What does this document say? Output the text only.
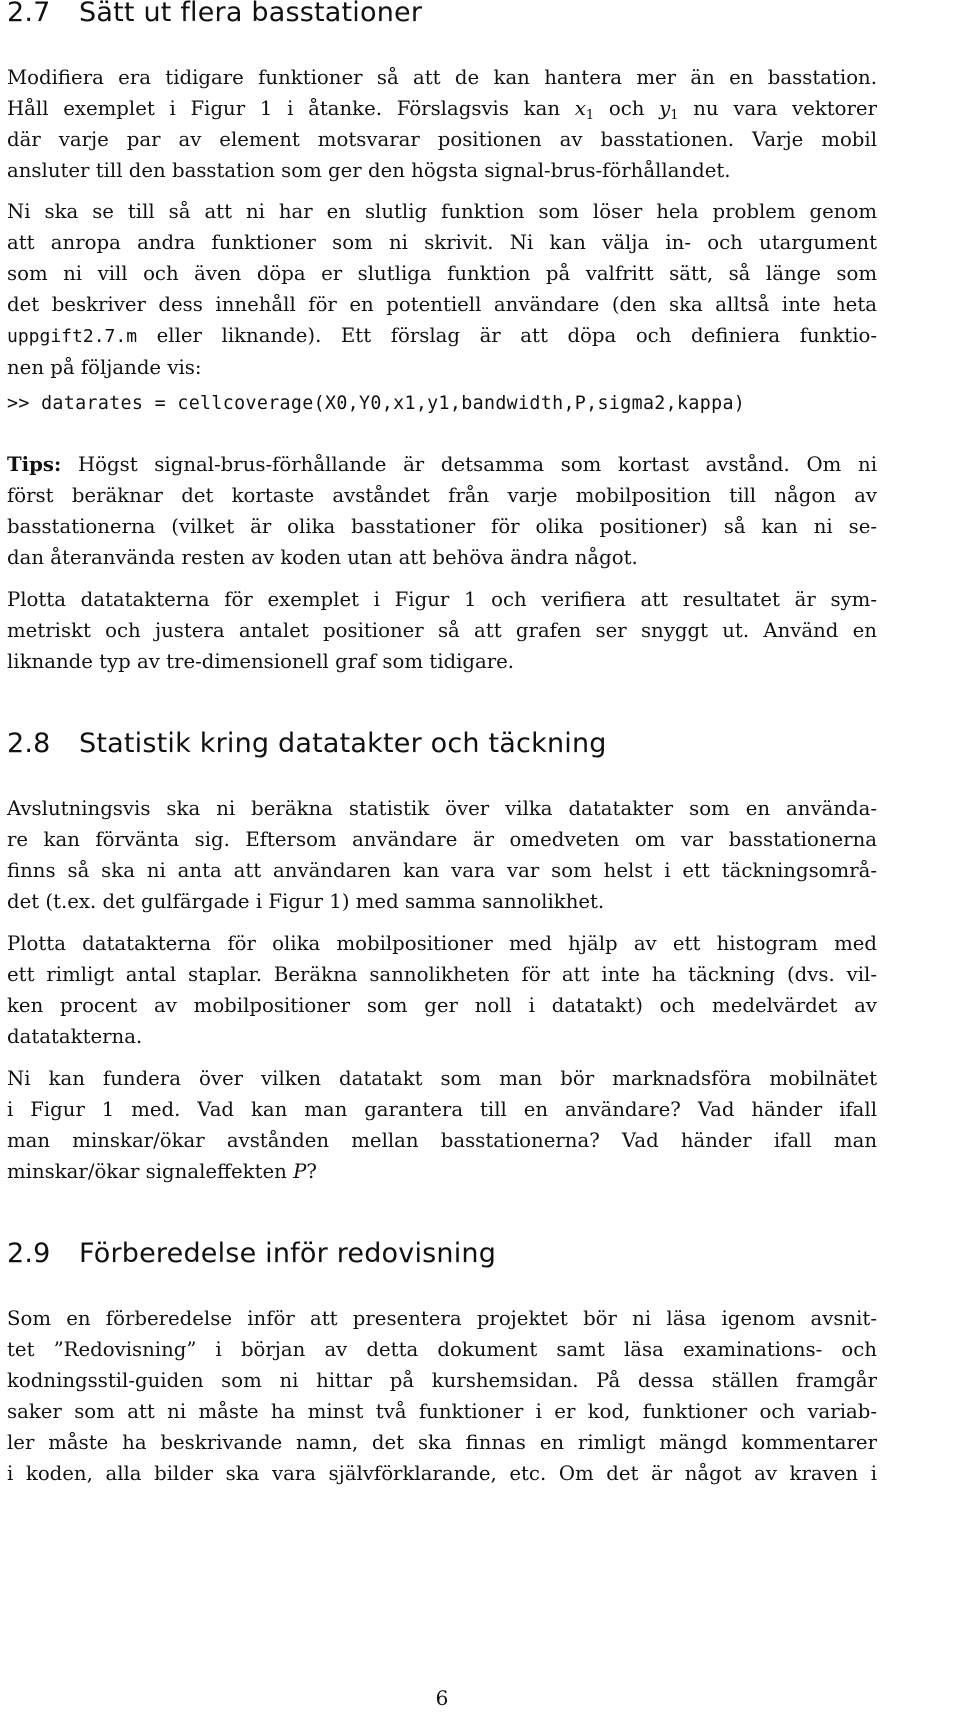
2.7 Sätt ut flera basstationer
Modifiera era tidigare funktioner så att de kan hantera mer än en basstation.
Håll exemplet i Figur 1 i åtanke. Förslagsvis kan $x_1$ och $y_1$ nu vara vektorer
där varje par av element motsvarar positionen av basstationen. Varje mobil
ansluter till den basstation som ger den högsta signal-brus-förhållandet.
Ni ska se till så att ni har en slutlig funktion som löser hela problem genom
att anropa andra funktioner som ni skrivit. Ni kan välja in- och utargument
som ni vill och även döpa er slutliga funktion på valfritt sätt, så länge som
det beskriver dess innehåll för en potentiell användare (den ska alltså inte heta
uppgift2.7.m eller liknande). Ett förslag är att döpa och definiera funktio-
nen på följande vis:
>> datarates = cellcoverage(X0,Y0,x1,y1,bandwidth,P,sigma2,kappa)
Tips: Högst signal-brus-förhållande är detsamma som kortast avstånd. Om ni
först beräknar det kortaste avståndet från varje mobilposition till någon av
basstationerna (vilket är olika basstationer för olika positioner) så kan ni se-
dan återanvända resten av koden utan att behöva ändra något.
Plotta datatakterna för exemplet i Figur 1 och verifiera att resultatet är sym-
metriskt och justera antalet positioner så att grafen ser snyggt ut. Använd en
liknande typ av tre-dimensionell graf som tidigare.
2.8 Statistik kring datatakter och täckning
Avslutningsvis ska ni beräkna statistik över vilka datatakter som en använda-
re kan förvänta sig. Eftersom användare är omedveten om var basstationerna
finns så ska ni anta att användaren kan vara var som helst i ett täckningsområ-
det (t.ex. det gulfärgade i Figur 1) med samma sannolikhet.
Plotta datatakterna för olika mobilpositioner med hjälp av ett histogram med
ett rimligt antal staplar. Beräkna sannolikheten för att inte ha täckning (dvs. vil-
ken procent av mobilpositioner som ger noll i datatakt) och medelvärdet av
datatakterna.
Ni kan fundera över vilken datatakt som man bör marknadsföra mobilnätet
i Figur 1 med. Vad kan man garantera till en användare? Vad händer ifall
man minskar/ökar avstånden mellan basstationerna? Vad händer ifall man
minskar/ökar signaleffekten P?
2.9 Förberedelse inför redovisning
Som en förberedelse inför att presentera projektet bör ni läsa igenom avsnit-
tet ”Redovisning” i början av detta dokument samt läsa examinations- och
kodningsstil-guiden som ni hittar på kurshemsidan. På dessa ställen framgår
saker som att ni måste ha minst två funktioner i er kod, funktioner och variab-
ler måste ha beskrivande namn, det ska finnas en rimligt mängd kommentarer
i koden, alla bilder ska vara självförklarande, etc. Om det är något av kraven i
6
